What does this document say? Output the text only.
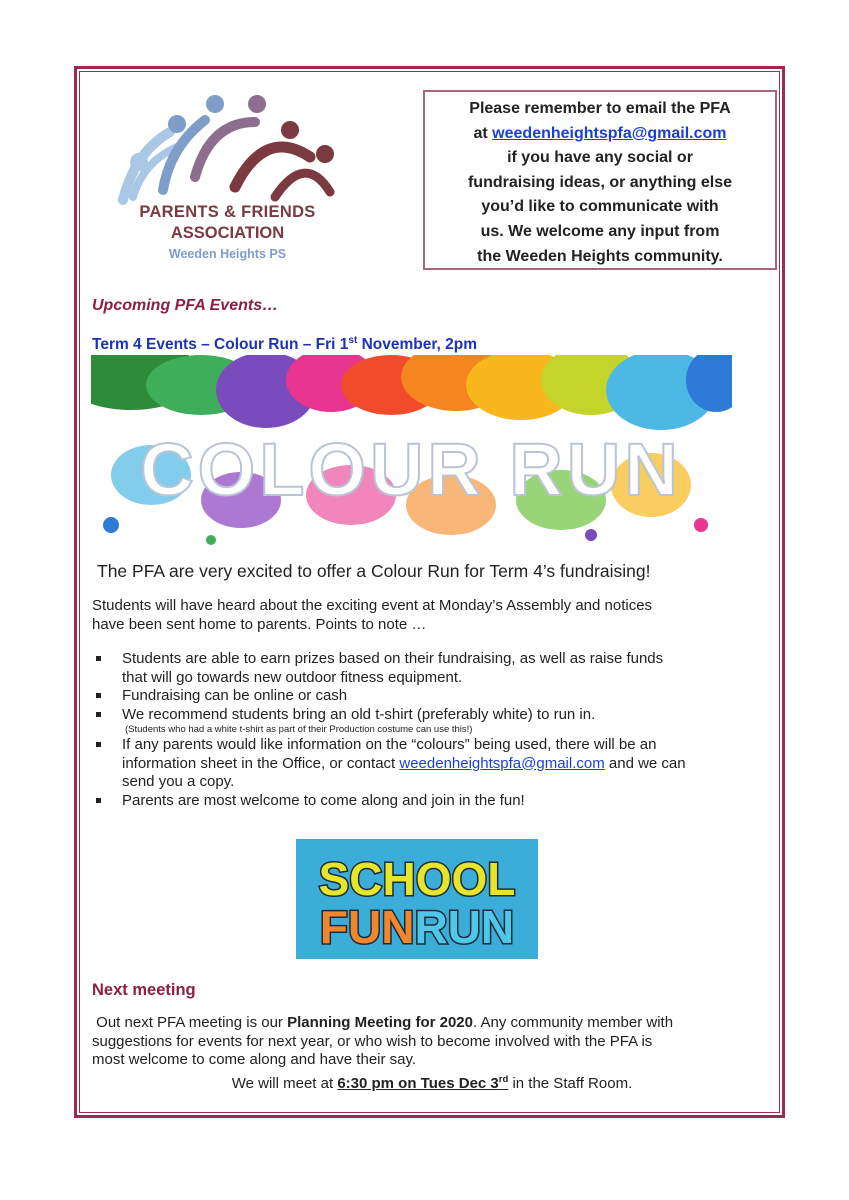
PARENTS & FRIENDS
ASSOCIATION
Weeden Heights PS
Please remember to email the PFA
at weedenheightspfa@gmail.com
if you have any social or
fundraising ideas, or anything else
you’d like to communicate with
us. We welcome any input from
the Weeden Heights community.
Upcoming PFA Events…
Term 4 Events – Colour Run – Fri 1st November, 2pm
COLOUR RUN
The PFA are very excited to offer a Colour Run for Term 4’s fundraising!
Students will have heard about the exciting event at Monday’s Assembly and notices
have been sent home to parents. Points to note …
Students are able to earn prizes based on their fundraising, as well as raise funds
that will go towards new outdoor fitness equipment.
Fundraising can be online or cash
We recommend students bring an old t-shirt (preferably white) to run in.
(Students who had a white t-shirt as part of their Production costume can use this!)
If any parents would like information on the “colours” being used, there will be an
information sheet in the Office, or contact weedenheightspfa@gmail.com and we can
send you a copy.
Parents are most welcome to come along and join in the fun!
SCHOOL
FUNRUN
Next meeting
Out next PFA meeting is our Planning Meeting for 2020. Any community member with
suggestions for events for next year, or who wish to become involved with the PFA is
most welcome to come along and have their say.
We will meet at 6:30 pm on Tues Dec 3rd in the Staff Room.
